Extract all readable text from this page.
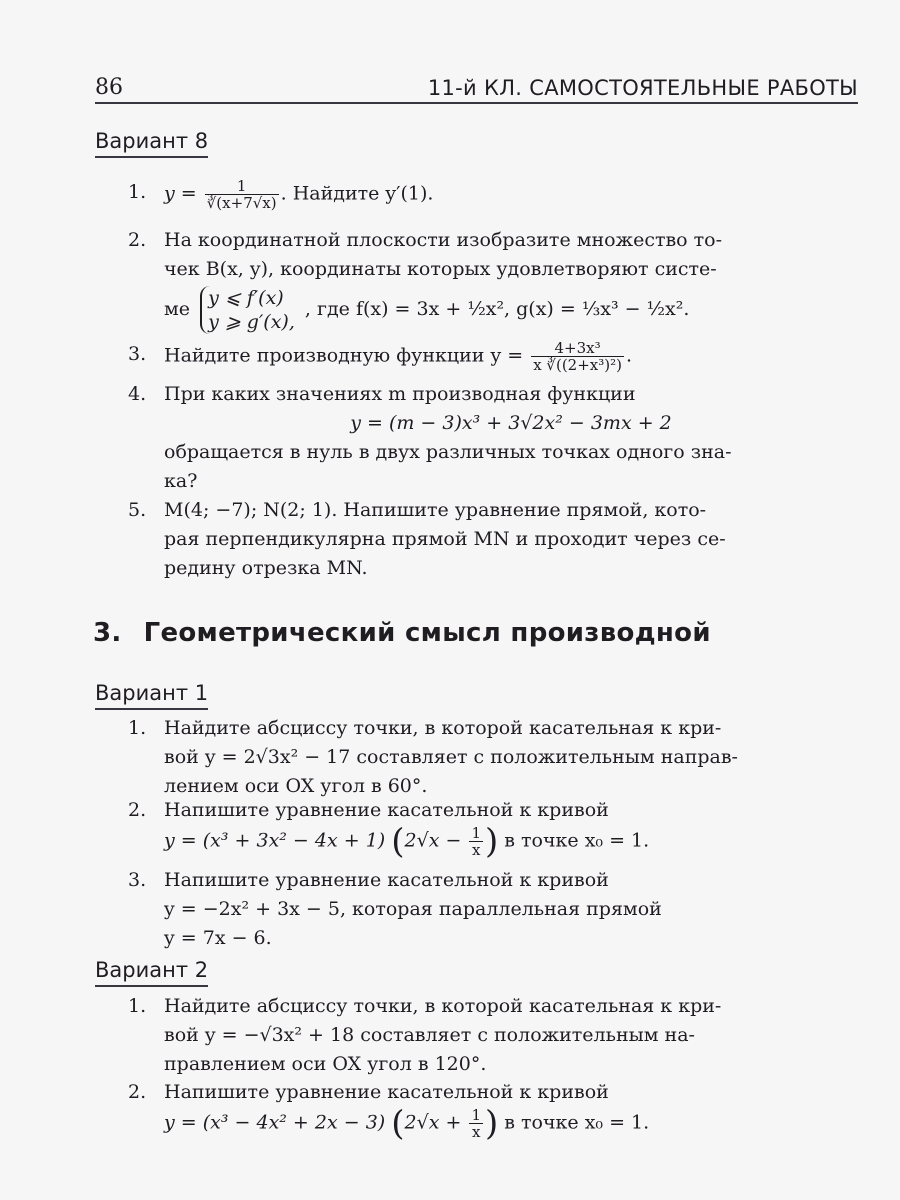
86	11-й КЛ. САМОСТОЯТЕЛЬНЫЕ РАБОТЫ
Вариант 8
1. $y = \frac{1}{∛(x+7√x)}$ . Найдите y′(1).
2. На координатной плоскости изобразите множество то-
чек B(x, y), координаты которых удовлетворяют систе-
ме y ⩽ f′(x)
y ⩾ g′(x),
, где f(x) = 3x + ½x², g(x) = ⅓x³ − ½x².
3. Найдите производную функции $y = \frac{\text{4+3x³}}{\text{x ∛((2+x³)²)}}$ .
4. При каких значениях m производная функции
y = (m − 3)x³ + 3√2x² − 3mx + 2
обращается в нуль в двух различных точках одного зна-
ка?
5. M(4; −7); N(2; 1). Напишите уравнение прямой, кото-
рая перпендикулярна прямой MN и проходит через се-
редину отрезка MN.
3. Геометрический смысл производной
Вариант 1
1. Найдите абсциссу точки, в которой касательная к кри-
вой y = 2√3x² − 17 составляет с положительным направ-
лением оси OX угол в 60°.
2. Напишите уравнение касательной к кривой
y = (x³ + 3x² − 4x + 1) ($2√x - \frac{1}{x}$ ) в точке x₀ = 1.
3. Напишите уравнение касательной к кривой
y = −2x² + 3x − 5, которая параллельная прямой
y = 7x − 6.
Вариант 2
1. Найдите абсциссу точки, в которой касательная к кри-
вой y = −√3x² + 18 составляет с положительным на-
правлением оси OX угол в 120°.
2. Напишите уравнение касательной к кривой
y = (x³ − 4x² + 2x − 3) ($2√x + \frac{1}{x}$ ) в точке x₀ = 1.
